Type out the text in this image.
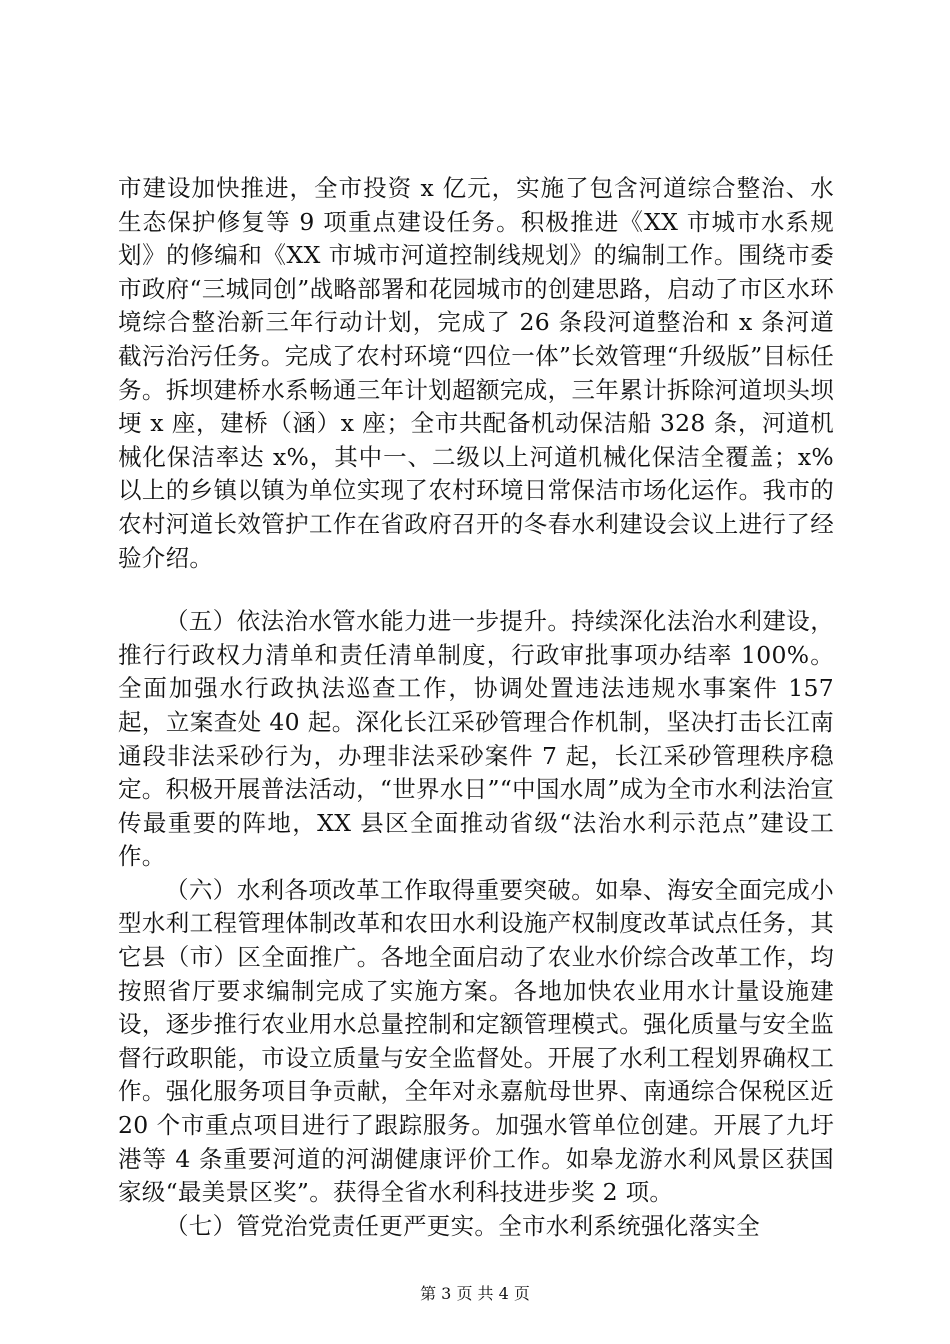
市建设加快推进，全市投资 x 亿元，实施了包含河道综合整治、水生态保护修复等 9 项重点建设任务。积极推进《XX 市城市水系规划》的修编和《XX 市城市河道控制线规划》的编制工作。围绕市委市政府“三城同创”战略部署和花园城市的创建思路，启动了市区水环境综合整治新三年行动计划，完成了 26 条段河道整治和 x 条河道截污治污任务。完成了农村环境“四位一体”长效管理“升级版”目标任务。拆坝建桥水系畅通三年计划超额完成，三年累计拆除河道坝头坝埂 x 座，建桥（涵）x 座；全市共配备机动保洁船 328 条，河道机械化保洁率达 x%，其中一、二级以上河道机械化保洁全覆盖；x%以上的乡镇以镇为单位实现了农村环境日常保洁市场化运作。我市的农村河道长效管护工作在省政府召开的冬春水利建设会议上进行了经验介绍。

（五）依法治水管水能力进一步提升。持续深化法治水利建设，推行行政权力清单和责任清单制度，行政审批事项办结率 100%。全面加强水行政执法巡查工作，协调处置违法违规水事案件 157 起，立案查处 40 起。深化长江采砂管理合作机制，坚决打击长江南通段非法采砂行为，办理非法采砂案件 7 起，长江采砂管理秩序稳定。积极开展普法活动，“世界水日”“中国水周”成为全市水利法治宣传最重要的阵地，XX 县区全面推动省级“法治水利示范点”建设工作。

（六）水利各项改革工作取得重要突破。如皋、海安全面完成小型水利工程管理体制改革和农田水利设施产权制度改革试点任务，其它县（市）区全面推广。各地全面启动了农业水价综合改革工作，均按照省厅要求编制完成了实施方案。各地加快农业用水计量设施建设，逐步推行农业用水总量控制和定额管理模式。强化质量与安全监督行政职能，市设立质量与安全监督处。开展了水利工程划界确权工作。强化服务项目争贡献，全年对永嘉航母世界、南通综合保税区近 20 个市重点项目进行了跟踪服务。加强水管单位创建。开展了九圩港等 4 条重要河道的河湖健康评价工作。如皋龙游水利风景区获国家级“最美景区奖”。获得全省水利科技进步奖 2 项。

（七）管党治党责任更严更实。全市水利系统强化落实全

第 3 页 共 4 页
